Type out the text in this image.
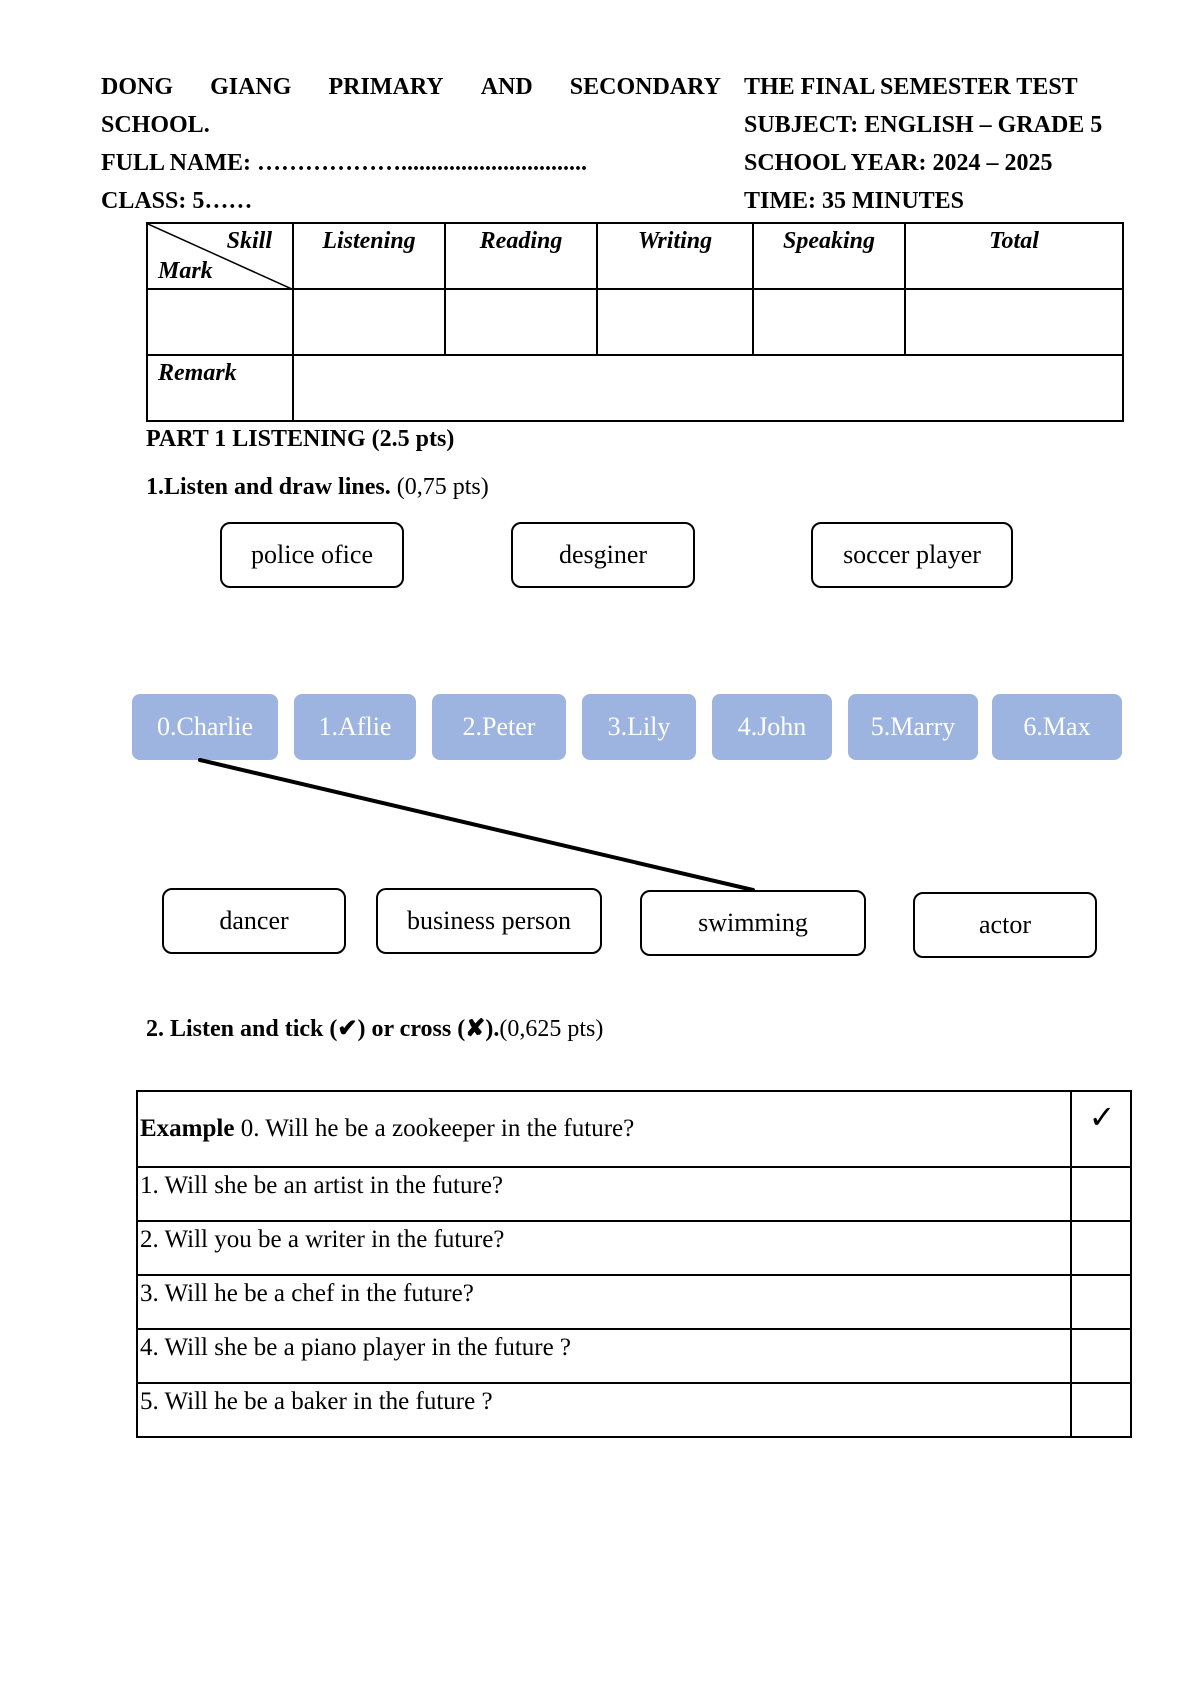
DONG GIANG PRIMARY AND SECONDARY
SCHOOL.
FULL NAME: ………………...............................
CLASS: 5……
THE FINAL SEMESTER TEST
SUBJECT: ENGLISH – GRADE 5
SCHOOL YEAR: 2024 – 2025
TIME: 35 MINUTES
Skill
Mark	Listening	Reading	Writing	Speaking	Total

Remark					
PART 1 LISTENING (2.5 pts)
1.Listen and draw lines. (0,75 pts)
police ofice	desginer	soccer player
0.Charlie	1.Aflie	2.Peter	3.Lily	4.John	5.Marry	6.Max
dancer	business person	swimming	actor
2. Listen and tick (✔) or cross (✘).(0,625 pts)
Example 0. Will he be a zookeeper in the future?	✓
1. Will she be an artist in the future?	
2. Will you be a writer in the future?	
3. Will he be a chef in the future?	
4. Will she be a piano player in the future ?	
5. Will he be a baker in the future ?	
